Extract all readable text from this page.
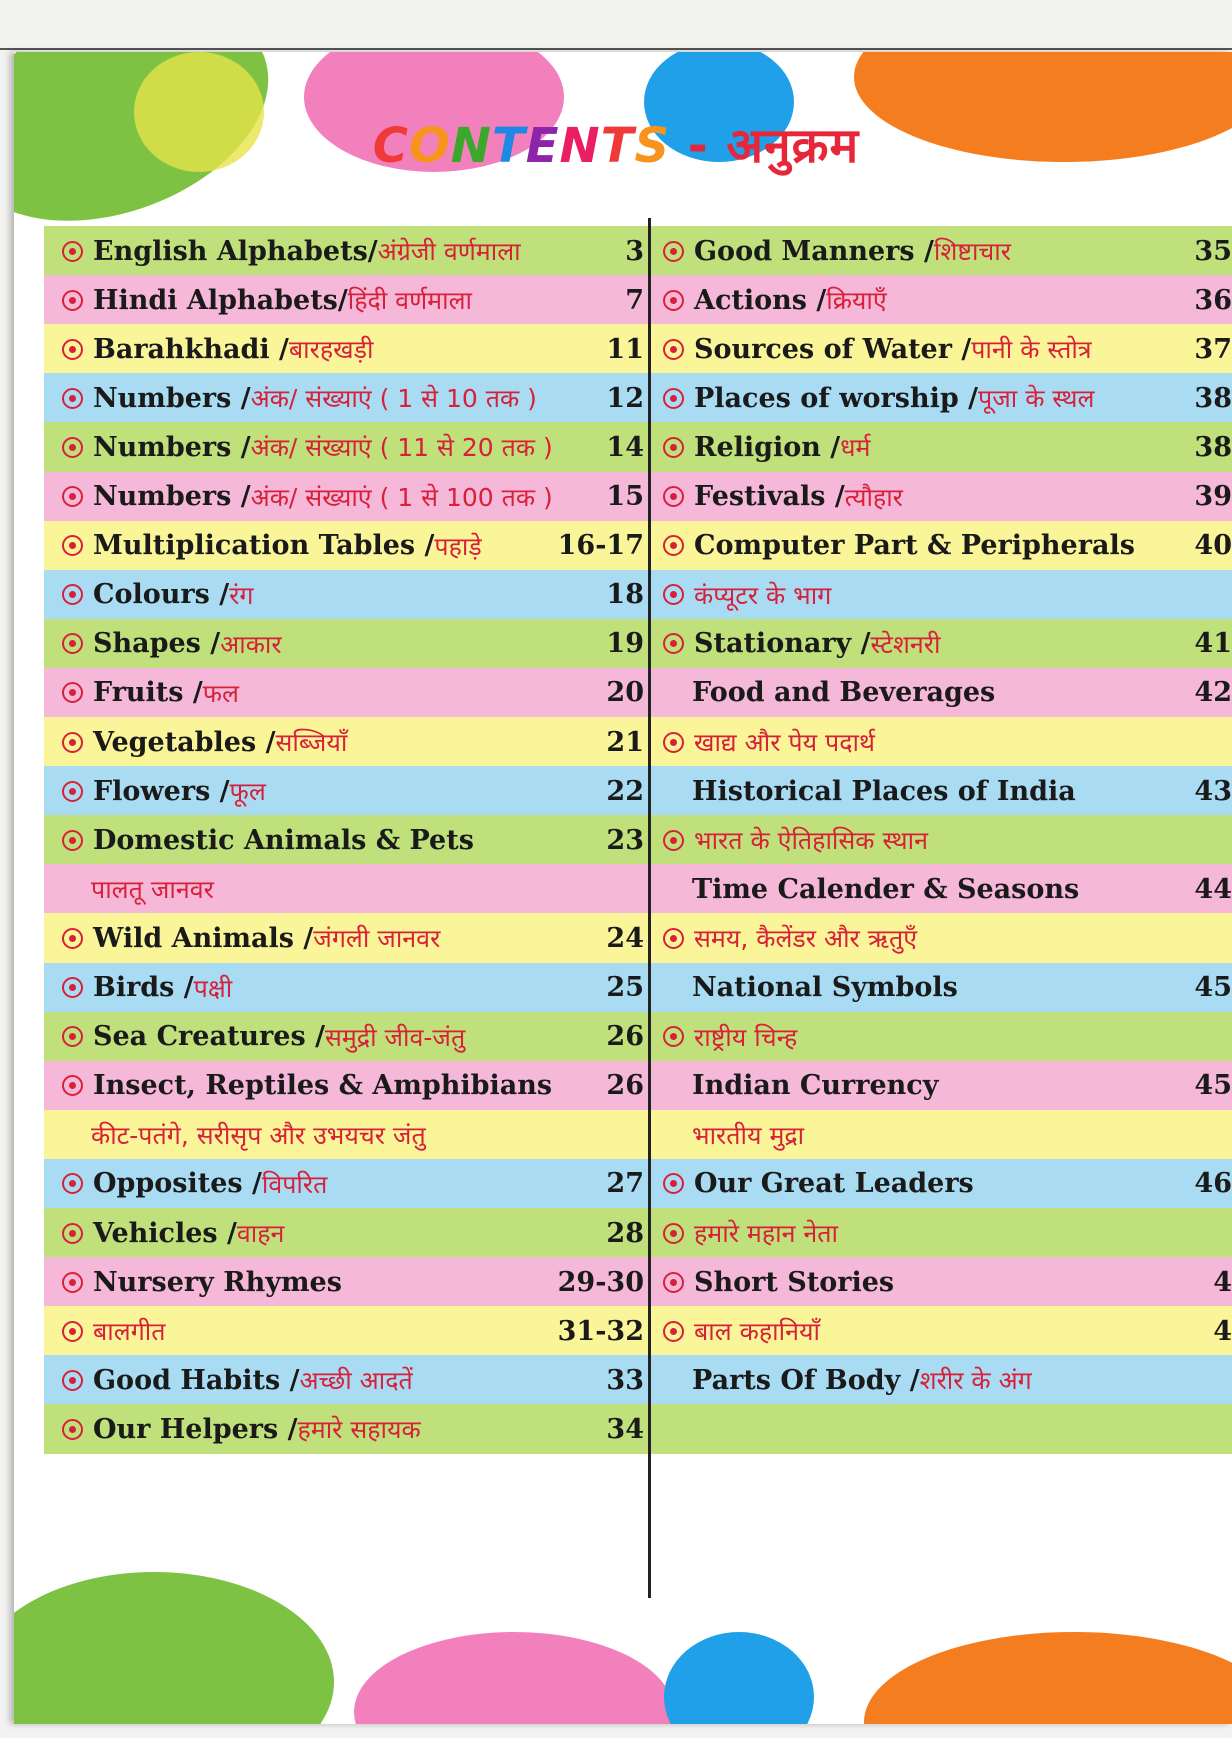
CONTENTS - अनुक्रम
English Alphabets/ अंग्रेजी वर्णमाला	3
Hindi Alphabets/ हिंदी वर्णमाला	7
Barahkhadi / बारहखड़ी	11
Numbers / अंक/ संख्याएं ( 1 से 10 तक )	12
Numbers / अंक/ संख्याएं ( 11 से 20 तक ) 14
Numbers / अंक/ संख्याएं ( 1 से 100 तक ) 15
Multiplication Tables / पहाड़े	16-17
Colours / रंग	18
Shapes / आकार	19
Fruits / फल	20
Vegetables / सब्जियाँ	21
Flowers / फूल	22
Domestic Animals & Pets	23
पालतू जानवर
Wild Animals / जंगली जानवर	24
Birds / पक्षी	25
Sea Creatures / समुद्री जीव-जंतु	26
Insect, Reptiles & Amphibians 26
कीट-पतंगे, सरीसृप और उभयचर जंतु
Opposites / विपरित	27
Vehicles / वाहन	28
Nursery Rhymes	29-30
बालगीत	31-32
Good Habits / अच्छी आदतें	33
Our Helpers / हमारे सहायक	34
Good Manners / शिष्टाचार	35
Actions / क्रियाएँ	36
Sources of Water / पानी के स्तोत्र	37
Places of worship / पूजा के स्थल	38
Religion / धर्म	38
Festivals / त्यौहार	39
Computer Part & Peripherals 40
कंप्यूटर के भाग
Stationary / स्टेशनरी	41
Food and Beverages	42
खाद्य और पेय पदार्थ
Historical Places of India	43
भारत के ऐतिहासिक स्थान
Time Calender & Seasons	44
समय, कैलेंडर और ऋतुएँ
National Symbols	45
राष्ट्रीय चिन्ह
Indian Currency	45
भारतीय मुद्रा
Our Great Leaders	46
हमारे महान नेता
Short Stories	4
बाल कहानियाँ	4
Parts Of Body / शरीर के अंग
